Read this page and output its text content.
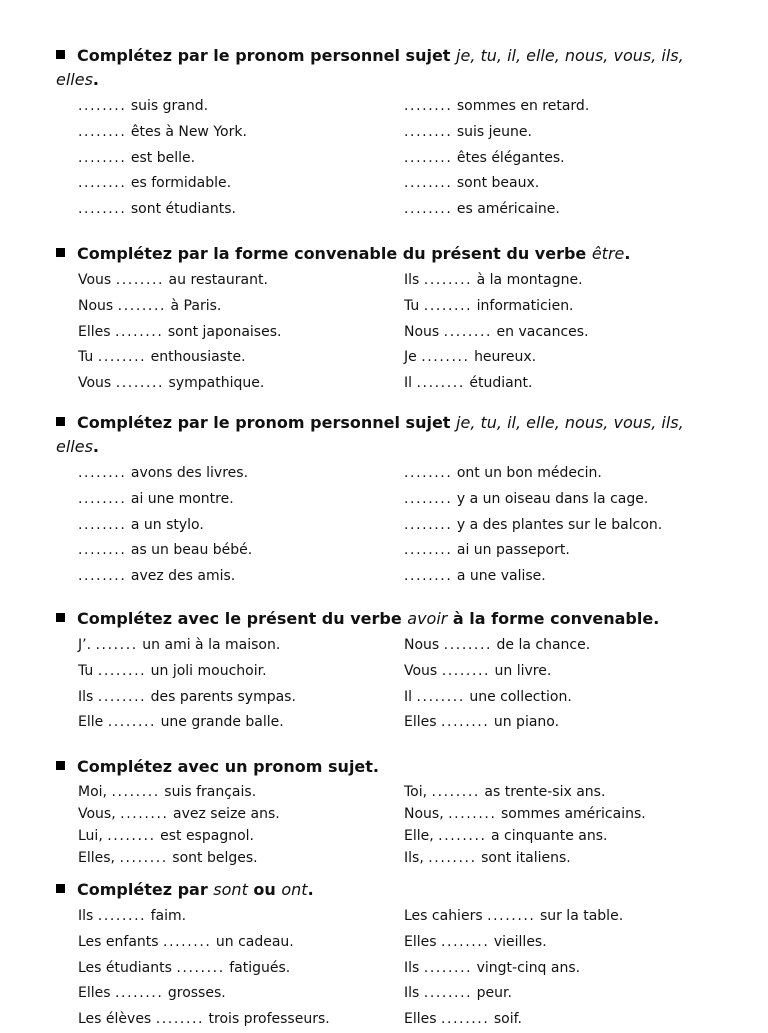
Complétez par le pronom personnel sujet je, tu, il, elle, nous, vous, ils, elles.
........ suis grand.	........ sommes en retard.
........ êtes à New York.	........ suis jeune.
........ est belle.	........ êtes élégantes.
........ es formidable.	........ sont beaux.
........ sont étudiants.	........ es américaine.
Complétez par la forme convenable du présent du verbe être.
Vous ........ au restaurant.	Ils ........ à la montagne.
Nous ........ à Paris.	Tu ........ informaticien.
Elles ........ sont japonaises.	Nous ........ en vacances.
Tu ........ enthousiaste.	Je ........ heureux.
Vous ........ sympathique.	Il ........ étudiant.
Complétez par le pronom personnel sujet je, tu, il, elle, nous, vous, ils, elles.
........ avons des livres.	........ ont un bon médecin.
........ ai une montre.	........ y a un oiseau dans la cage.
........ a un stylo.	........ y a des plantes sur le balcon.
........ as un beau bébé.	........ ai un passeport.
........ avez des amis.	........ a une valise.
Complétez avec le présent du verbe avoir à la forme convenable.
J’. ....... un ami à la maison.	Nous ........ de la chance.
Tu ........ un joli mouchoir.	Vous ........ un livre.
Ils ........ des parents sympas.	Il ........ une collection.
Elle ........ une grande balle.	Elles ........ un piano.
Complétez avec un pronom sujet.
Moi, ........ suis français.	Toi, ........ as trente-six ans.
Vous, ........ avez seize ans.	Nous, ........ sommes américains.
Lui, ........ est espagnol.	Elle, ........ a cinquante ans.
Elles, ........ sont belges.	Ils, ........ sont italiens.
Complétez par sont ou ont.
Ils ........ faim.	Les cahiers ........ sur la table.
Les enfants ........ un cadeau.	Elles ........ vieilles.
Les étudiants ........ fatigués.	Ils ........ vingt-cinq ans.
Elles ........ grosses.	Ils ........ peur.
Les élèves ........ trois professeurs.	Elles ........ soif.
